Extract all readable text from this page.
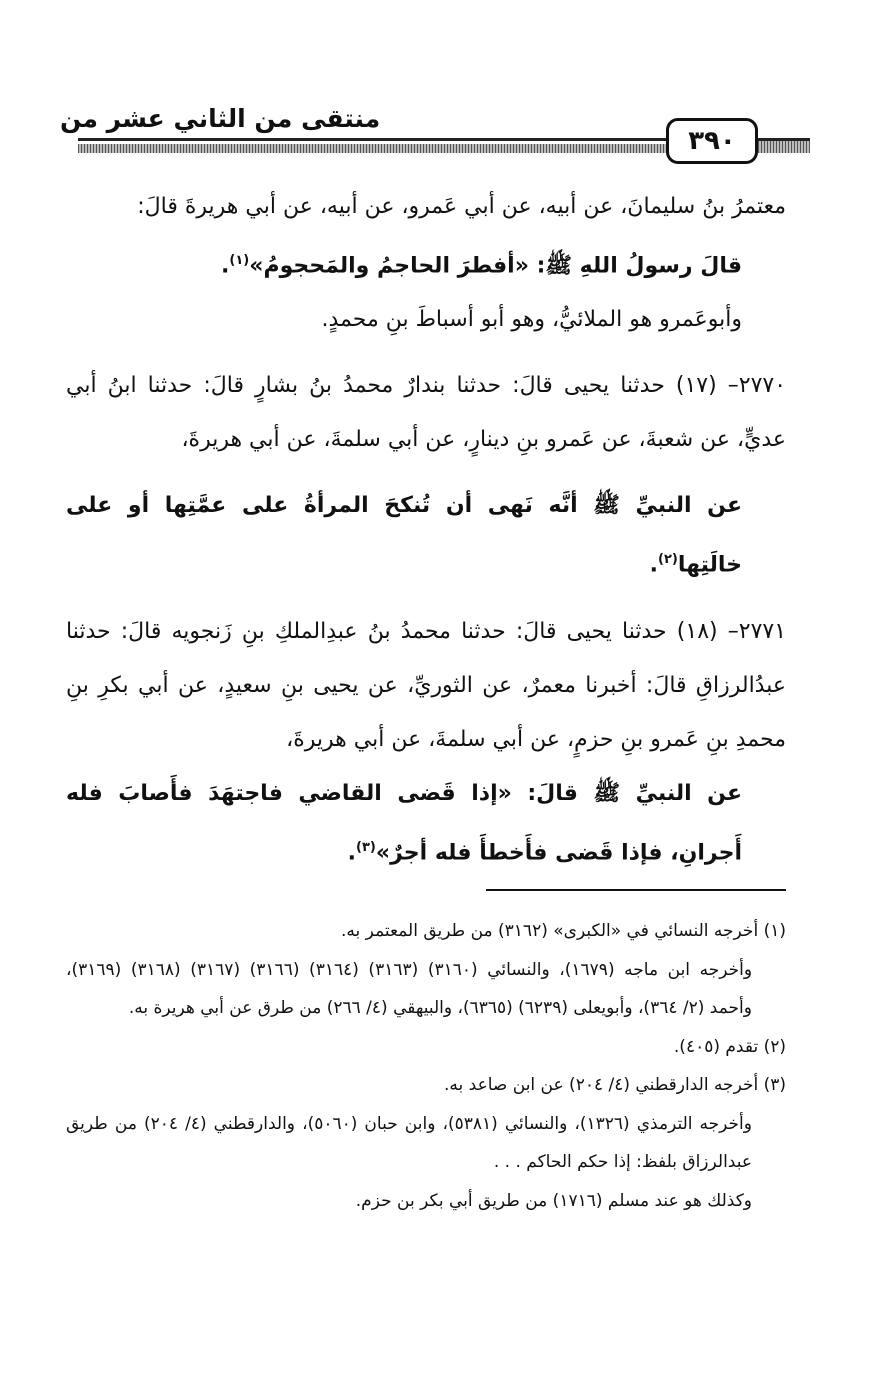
منتقى من الثاني عشر من
٣٩٠

معتمرُ بنُ سليمانَ، عن أبيه، عن أبي عَمرو، عن أبيه، عن أبي هريرةَ قالَ:

قالَ رسولُ اللهِ ﷺ: «أفطرَ الحاجمُ والمَحجومُ»$^{(١)}$.

وأبوعَمرو هو الملائيُّ، وهو أبو أسباطَ بنِ محمدٍ.

٢٧٧٠– (١٧) حدثنا يحيى قالَ: حدثنا بندارٌ محمدُ بنُ بشارٍ قالَ: حدثنا ابنُ أبي عديٍّ، عن شعبةَ، عن عَمرو بنِ دينارٍ، عن أبي سلمةَ، عن أبي هريرةَ،

عن النبيِّ ﷺ أنَّه نَهى أن تُنكحَ المرأةُ على عمَّتِها أو على خالَتِها$^{(٢)}$.

٢٧٧١– (١٨) حدثنا يحيى قالَ: حدثنا محمدُ بنُ عبدِالملكِ بنِ زَنجويه قالَ: حدثنا عبدُالرزاقِ قالَ: أخبرنا معمرٌ، عن الثوريِّ، عن يحيى بنِ سعيدٍ، عن أبي بكرِ بنِ محمدِ بنِ عَمرو بنِ حزمٍ، عن أبي سلمةَ، عن أبي هريرةَ،

عن النبيِّ ﷺ قالَ: «إذا قَضى القاضي فاجتهَدَ فأَصابَ فله أَجرانِ، فإذا قَضى فأَخطأَ فله أجرٌ»$^{(٣)}$.

(١) أخرجه النسائي في «الكبرى» (٣١٦٢) من طريق المعتمر به.

وأخرجه ابن ماجه (١٦٧٩)، والنسائي (٣١٦٠) (٣١٦٣) (٣١٦٤) (٣١٦٦) (٣١٦٧) (٣١٦٨) (٣١٦٩)، وأحمد (٢/ ٣٦٤)، وأبويعلى (٦٢٣٩) (٦٣٦٥)، والبيهقي (٤/ ٢٦٦) من طرق عن أبي هريرة به.

(٢) تقدم (٤٠٥).

(٣) أخرجه الدارقطني (٤/ ٢٠٤) عن ابن صاعد به.

وأخرجه الترمذي (١٣٢٦)، والنسائي (٥٣٨١)، وابن حبان (٥٠٦٠)، والدارقطني (٤/ ٢٠٤) من طريق عبدالرزاق بلفظ: إذا حكم الحاكم . . .

وكذلك هو عند مسلم (١٧١٦) من طريق أبي بكر بن حزم.
